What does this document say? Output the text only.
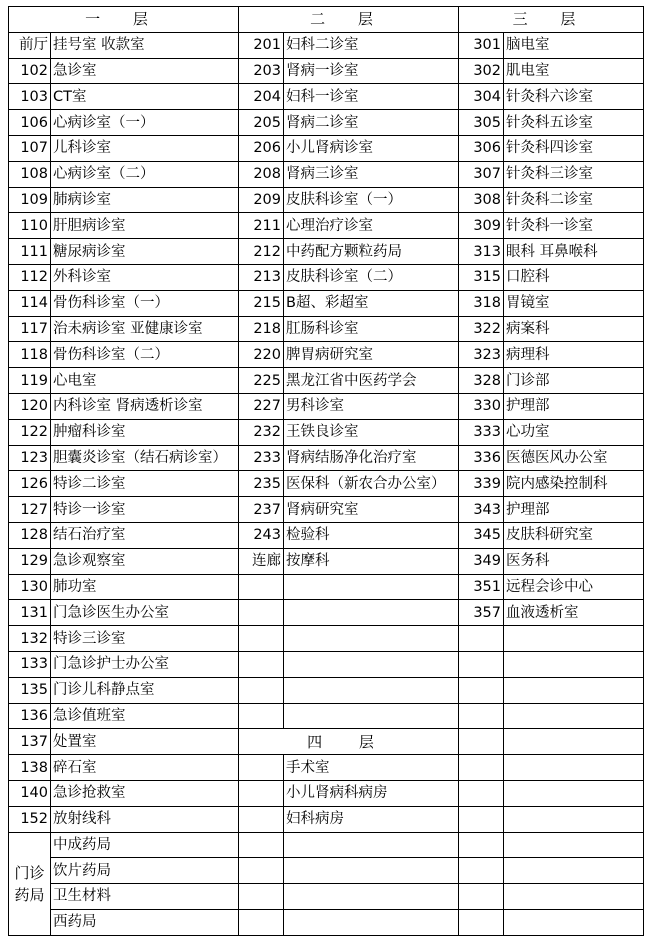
一 层		二 层		三 层	
前厅	挂号室 收款室	201	妇科二诊室	301	脑电室
102	急诊室	203	肾病一诊室	302	肌电室
103	CT室	204	妇科一诊室	304	针灸科六诊室
106	心病诊室（一）	205	肾病二诊室	305	针灸科五诊室
107	儿科诊室	206	小儿肾病诊室	306	针灸科四诊室
108	心病诊室（二）	208	肾病三诊室	307	针灸科三诊室
109	肺病诊室	209	皮肤科诊室（一）	308	针灸科二诊室
110	肝胆病诊室	211	心理治疗诊室	309	针灸科一诊室
111	糖尿病诊室	212	中药配方颗粒药局	313	眼科 耳鼻喉科
112	外科诊室	213	皮肤科诊室（二）	315	口腔科
114	骨伤科诊室（一）	215	B超、彩超室	318	胃镜室
117	治未病诊室 亚健康诊室	218	肛肠科诊室	322	病案科
118	骨伤科诊室（二）	220	脾胃病研究室	323	病理科
119	心电室	225	黑龙江省中医药学会	328	门诊部
120	内科诊室 肾病透析诊室	227	男科诊室	330	护理部
122	肿瘤科诊室	232	王铁良诊室	333	心功室
123	胆囊炎诊室（结石病诊室）	233	肾病结肠净化治疗室	336	医德医风办公室
126	特诊二诊室	235	医保科（新农合办公室）	339	院内感染控制科
127	特诊一诊室	237	肾病研究室	343	护理部
128	结石治疗室	243	检验科	345	皮肤科研究室
129	急诊观察室	连廊	按摩科	349	医务科
130	肺功室			351	远程会诊中心
131	门急诊医生办公室			357	血液透析室
132	特诊三诊室				
133	门急诊护士办公室				
135	门诊儿科静点室				
136	急诊值班室				
137	处置室	四 层			
138	碎石室		手术室		
140	急诊抢救室		小儿肾病科病房		
152	放射线科		妇科病房		

门诊
药局	中成药局				
	饮片药局				
	卫生材料				
	西药局				
